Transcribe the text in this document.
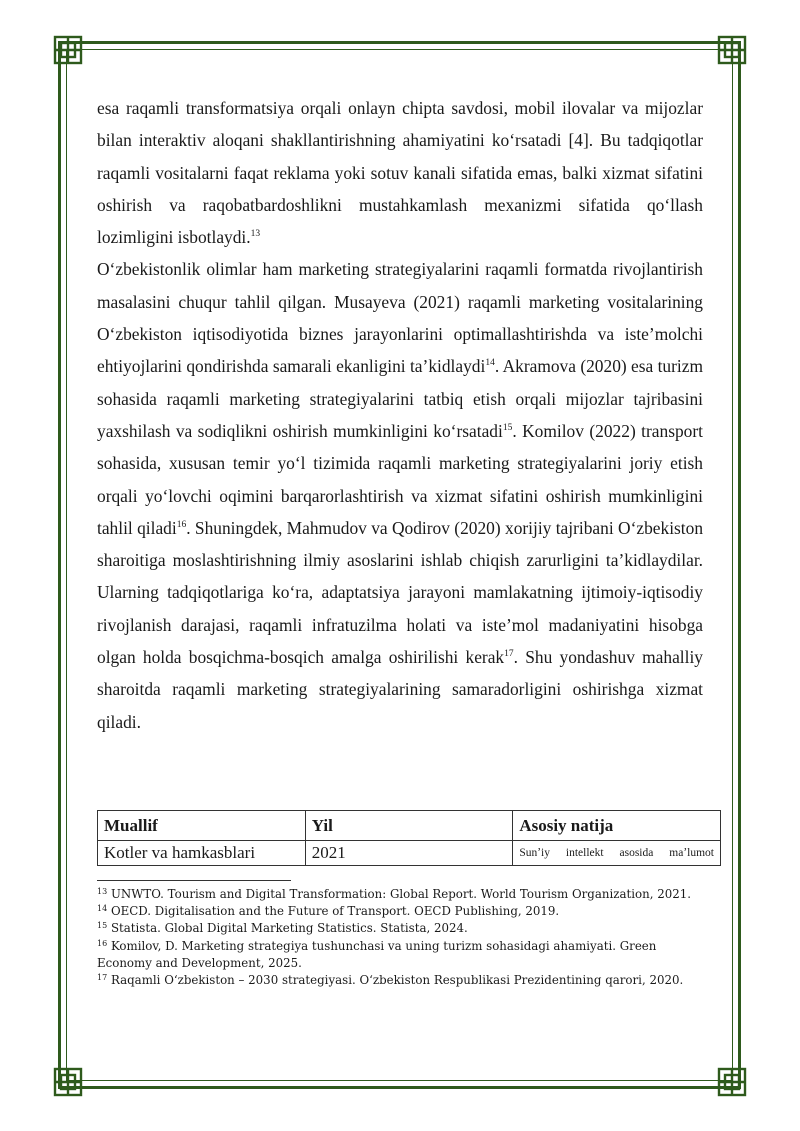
esa raqamli transformatsiya orqali onlayn chipta savdosi, mobil ilovalar va mijozlar bilan interaktiv aloqani shakllantirishning ahamiyatini koʻrsatadi [4]. Bu tadqiqotlar raqamli vositalarni faqat reklama yoki sotuv kanali sifatida emas, balki xizmat sifatini oshirish va raqobatbardoshlikni mustahkamlash mexanizmi sifatida qoʻllash lozimligini isbotlaydi.$^{13}$

Oʻzbekistonlik olimlar ham marketing strategiyalarini raqamli formatda rivojlantirish masalasini chuqur tahlil qilgan. Musayeva (2021) raqamli marketing vositalarining Oʻzbekiston iqtisodiyotida biznes jarayonlarini optimallashtirishda va isteʼmolchi ehtiyojlarini qondirishda samarali ekanligini taʼkidlaydi$^{14}$. Akramova (2020) esa turizm sohasida raqamli marketing strategiyalarini tatbiq etish orqali mijozlar tajribasini yaxshilash va sodiqlikni oshirish mumkinligini koʻrsatadi$^{15}$. Komilov (2022) transport sohasida, xususan temir yoʻl tizimida raqamli marketing strategiyalarini joriy etish orqali yoʻlovchi oqimini barqarorlashtirish va xizmat sifatini oshirish mumkinligini tahlil qiladi$^{16}$. Shuningdek, Mahmudov va Qodirov (2020) xorijiy tajribani Oʻzbekiston sharoitiga moslashtirishning ilmiy asoslarini ishlab chiqish zarurligini taʼkidlaydilar. Ularning tadqiqotlariga koʻra, adaptatsiya jarayoni mamlakatning ijtimoiy-iqtisodiy rivojlanish darajasi, raqamli infratuzilma holati va isteʼmol madaniyatini hisobga olgan holda bosqichma-bosqich amalga oshirilishi kerak$^{17}$. Shu yondashuv mahalliy sharoitda raqamli marketing strategiyalarining samaradorligini oshirishga xizmat qiladi.

Muallif	Yil	Asosiy natija
Kotler va hamkasblari	2021	Sunʼiy intellekt asosida maʼlumot

$^{13}$ UNWTO. Tourism and Digital Transformation: Global Report. World Tourism Organization, 2021.

$^{14}$ OECD. Digitalisation and the Future of Transport. OECD Publishing, 2019.

$^{15}$ Statista. Global Digital Marketing Statistics. Statista, 2024.

$^{16}$ Komilov, D. Marketing strategiya tushunchasi va uning turizm sohasidagi ahamiyati. Green Economy and Development, 2025.

$^{17}$ Raqamli Oʻzbekiston – 2030 strategiyasi. Oʻzbekiston Respublikasi Prezidentining qarori, 2020.
